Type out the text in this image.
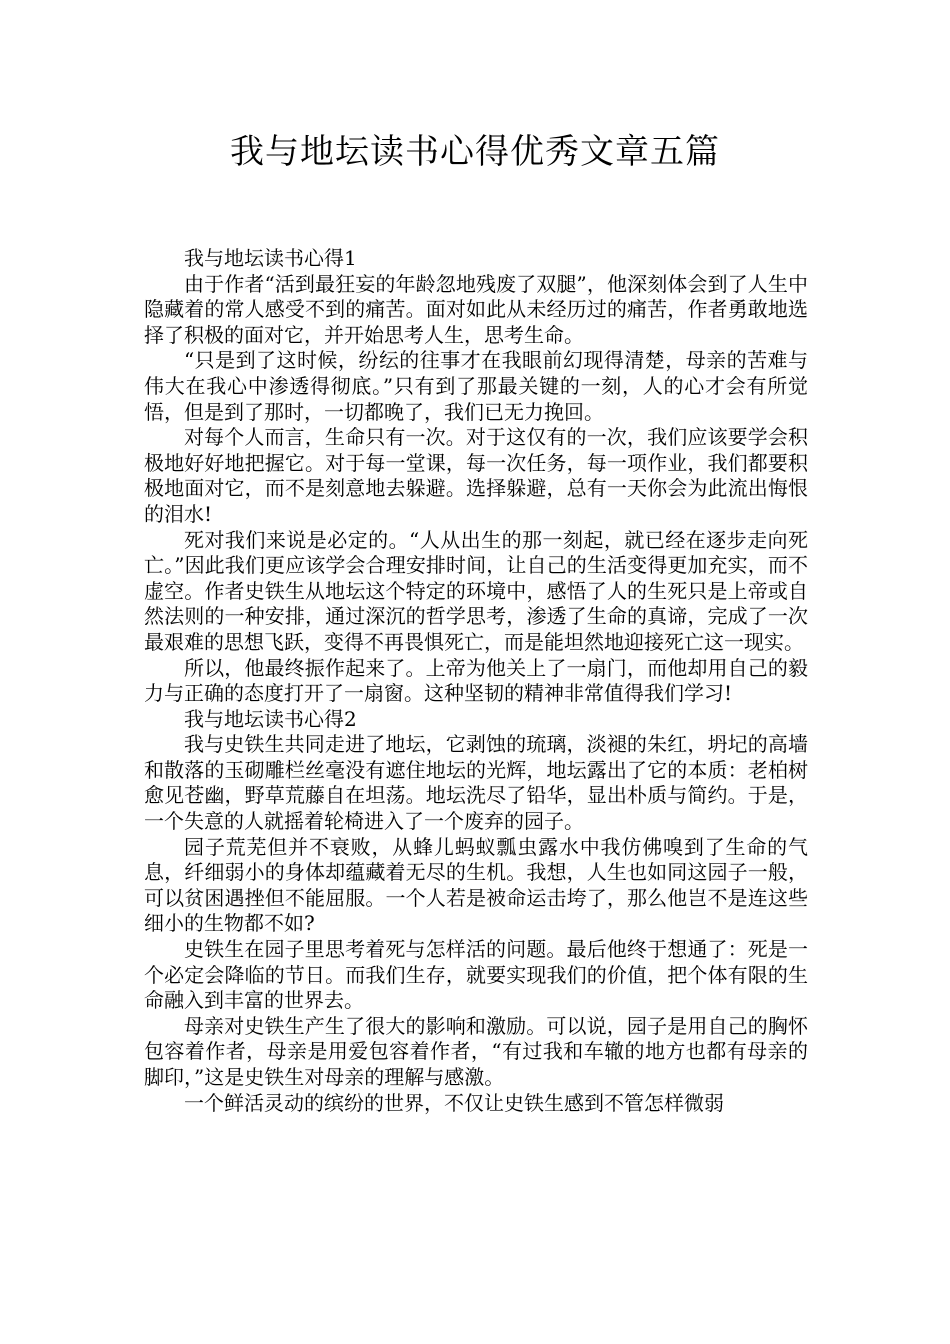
我与地坛读书心得优秀文章五篇

我与地坛读书心得1

由于作者“活到最狂妄的年龄忽地残废了双腿”，他深刻体会到了人生中隐藏着的常人感受不到的痛苦。面对如此从未经历过的痛苦，作者勇敢地选择了积极的面对它，并开始思考人生，思考生命。

“只是到了这时候，纷纭的往事才在我眼前幻现得清楚，母亲的苦难与伟大在我心中渗透得彻底。”只有到了那最关键的一刻，人的心才会有所觉悟，但是到了那时，一切都晚了，我们已无力挽回。

对每个人而言，生命只有一次。对于这仅有的一次，我们应该要学会积极地好好地把握它。对于每一堂课，每一次任务，每一项作业，我们都要积极地面对它，而不是刻意地去躲避。选择躲避，总有一天你会为此流出悔恨的泪水!

死对我们来说是必定的。“人从出生的那一刻起，就已经在逐步走向死亡。”因此我们更应该学会合理安排时间，让自己的生活变得更加充实，而不虚空。作者史铁生从地坛这个特定的环境中，感悟了人的生死只是上帝或自然法则的一种安排，通过深沉的哲学思考，渗透了生命的真谛，完成了一次最艰难的思想飞跃，变得不再畏惧死亡，而是能坦然地迎接死亡这一现实。

所以，他最终振作起来了。上帝为他关上了一扇门，而他却用自己的毅力与正确的态度打开了一扇窗。这种坚韧的精神非常值得我们学习!

我与地坛读书心得2

我与史铁生共同走进了地坛，它剥蚀的琉璃，淡褪的朱红，坍圮的高墙和散落的玉砌雕栏丝毫没有遮住地坛的光辉，地坛露出了它的本质：老柏树愈见苍幽，野草荒藤自在坦荡。地坛洗尽了铅华，显出朴质与简约。于是，一个失意的人就摇着轮椅进入了一个废弃的园子。

园子荒芜但并不衰败，从蜂儿蚂蚁瓢虫露水中我仿佛嗅到了生命的气息，纤细弱小的身体却蕴藏着无尽的生机。我想，人生也如同这园子一般，可以贫困遇挫但不能屈服。一个人若是被命运击垮了，那么他岂不是连这些细小的生物都不如?

史铁生在园子里思考着死与怎样活的问题。最后他终于想通了：死是一个必定会降临的节日。而我们生存，就要实现我们的价值，把个体有限的生命融入到丰富的世界去。

母亲对史铁生产生了很大的影响和激励。可以说，园子是用自己的胸怀包容着作者，母亲是用爱包容着作者，“有过我和车辙的地方也都有母亲的脚印，”这是史铁生对母亲的理解与感激。

一个鲜活灵动的缤纷的世界，不仅让史铁生感到不管怎样微弱
